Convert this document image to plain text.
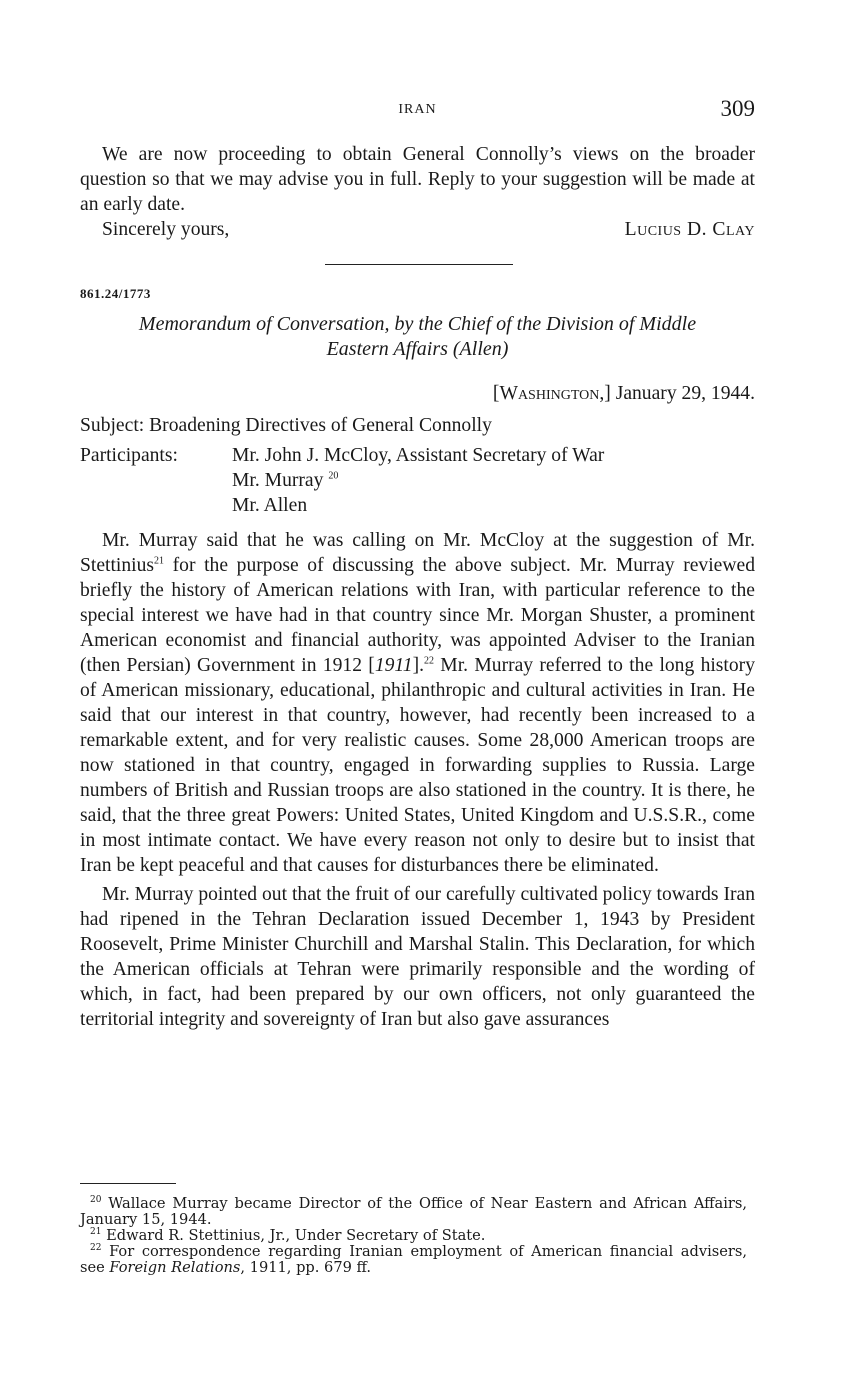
IRAN	309

We are now proceeding to obtain General Connolly’s views on the broader question so that we may advise you in full. Reply to your suggestion will be made at an early date.

Sincerely yours,	Lucius D. Clay
861.24/1773
Memorandum of Conversation, by the Chief of the Division of Middle
Eastern Affairs (Allen)
[Washington,] January 29, 1944.
Subject: Broadening Directives of General Connolly
Participants:	Mr. John J. McCloy, Assistant Secretary of War
Mr. Murray $^{20}$
Mr. Allen

Mr. Murray said that he was calling on Mr. McCloy at the suggestion of Mr. Stettinius$^{21}$ for the purpose of discussing the above subject. Mr. Murray reviewed briefly the history of American relations with Iran, with particular reference to the special interest we have had in that country since Mr. Morgan Shuster, a prominent American economist and financial authority, was appointed Adviser to the Iranian (then Persian) Government in 1912 [1911].$^{22}$ Mr. Murray referred to the long history of American missionary, educational, philanthropic and cultural activities in Iran. He said that our interest in that country, however, had recently been increased to a remarkable extent, and for very realistic causes. Some 28,000 American troops are now stationed in that country, engaged in forwarding supplies to Russia. Large numbers of British and Russian troops are also stationed in the country. It is there, he said, that the three great Powers: United States, United Kingdom and U.S.S.R., come in most intimate contact. We have every reason not only to desire but to insist that Iran be kept peaceful and that causes for disturbances there be eliminated.

Mr. Murray pointed out that the fruit of our carefully cultivated policy towards Iran had ripened in the Tehran Declaration issued December 1, 1943 by President Roosevelt, Prime Minister Churchill and Marshal Stalin. This Declaration, for which the American officials at Tehran were primarily responsible and the wording of which, in fact, had been prepared by our own officers, not only guaranteed the territorial integrity and sovereignty of Iran but also gave assurances

$^{20}$ Wallace Murray became Director of the Office of Near Eastern and African Affairs, January 15, 1944.

$^{21}$ Edward R. Stettinius, Jr., Under Secretary of State.

$^{22}$ For correspondence regarding Iranian employment of American financial advisers, see Foreign Relations, 1911, pp. 679 ff.
